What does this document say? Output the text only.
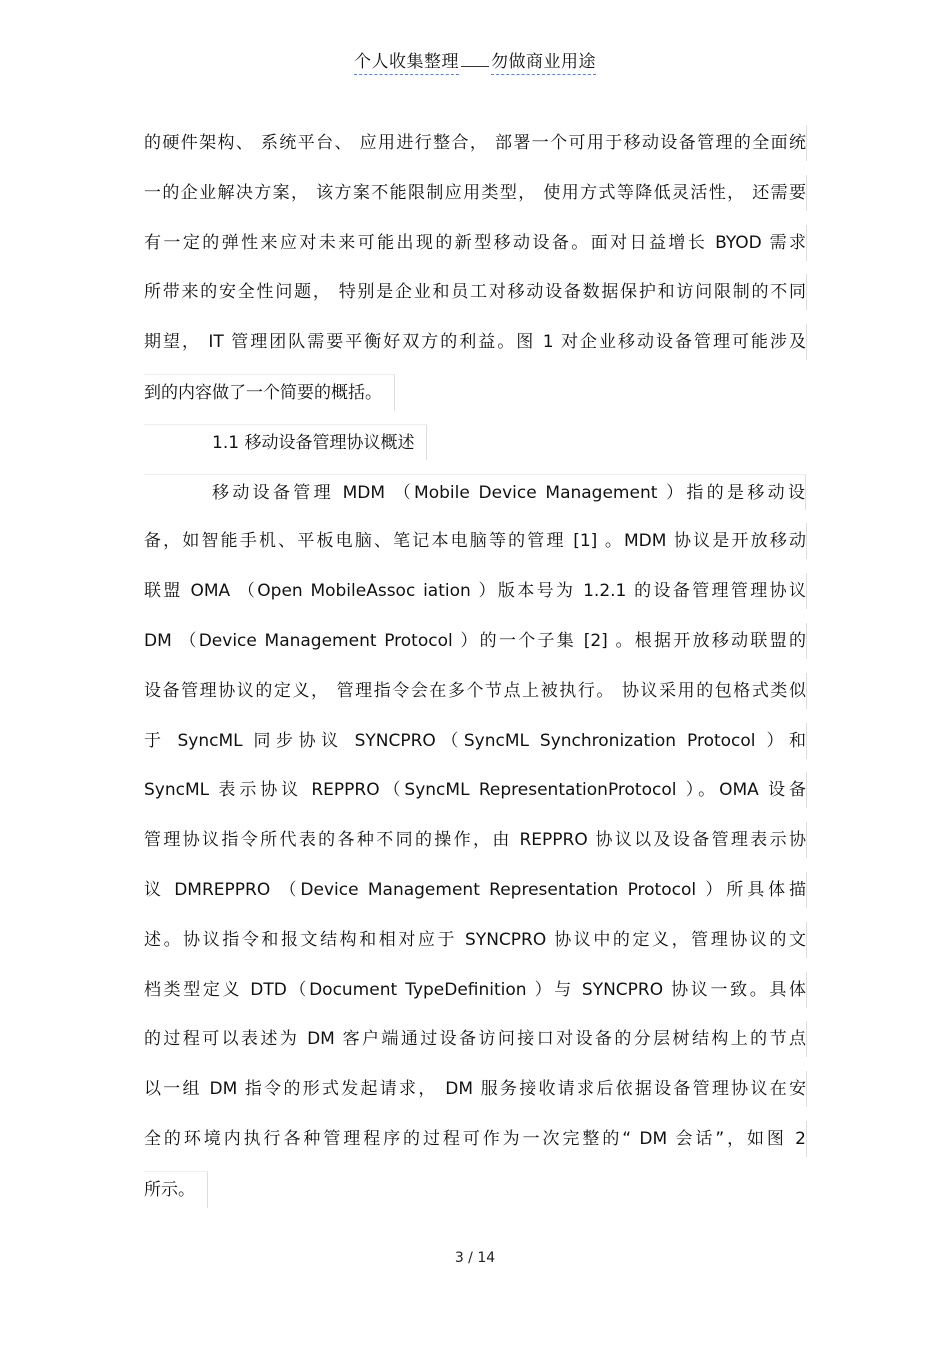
个人收集整理 勿做商业用途
的硬件架构、 系统平台、 应用进行整合， 部署一个可用于移动设备管理的全面统
一的企业解决方案， 该方案不能限制应用类型， 使用方式等降低灵活性， 还需要
有一定的弹性来应对未来可能出现的新型移动设备。面对日益增长 BYOD 需求
所带来的安全性问题， 特别是企业和员工对移动设备数据保护和访问限制的不同
期望， IT 管理团队需要平衡好双方的利益。图 1 对企业移动设备管理可能涉及
到的内容做了一个简要的概括。
1.1 移动设备管理协议概述
移动设备管理 MDM （Mobile Device Management ）指的是移动设
备，如智能手机、平板电脑、笔记本电脑等的管理 [1] 。MDM 协议是开放移动
联盟 OMA （Open MobileAssoc iation ）版本号为 1.2.1 的设备管理管理协议
DM （Device Management Protocol ）的一个子集 [2] 。根据开放移动联盟的
设备管理协议的定义， 管理指令会在多个节点上被执行。 协议采用的包格式类似
于 SyncML 同步协议 SYNCPRO（SyncML Synchronization Protocol ）和
SyncML 表示协议 REPPRO（SyncML RepresentationProtocol ）。OMA 设备
管理协议指令所代表的各种不同的操作，由 REPPRO 协议以及设备管理表示协
议 DMREPPRO （Device Management Representation Protocol ）所具体描
述。协议指令和报文结构和相对应于 SYNCPRO 协议中的定义，管理协议的文
档类型定义 DTD（Document TypeDefinition ）与 SYNCPRO 协议一致。具体
的过程可以表述为 DM 客户端通过设备访问接口对设备的分层树结构上的节点
以一组 DM 指令的形式发起请求， DM 服务接收请求后依据设备管理协议在安
全的环境内执行各种管理程序的过程可作为一次完整的“ DM 会话”，如图 2
所示。
3 / 14
